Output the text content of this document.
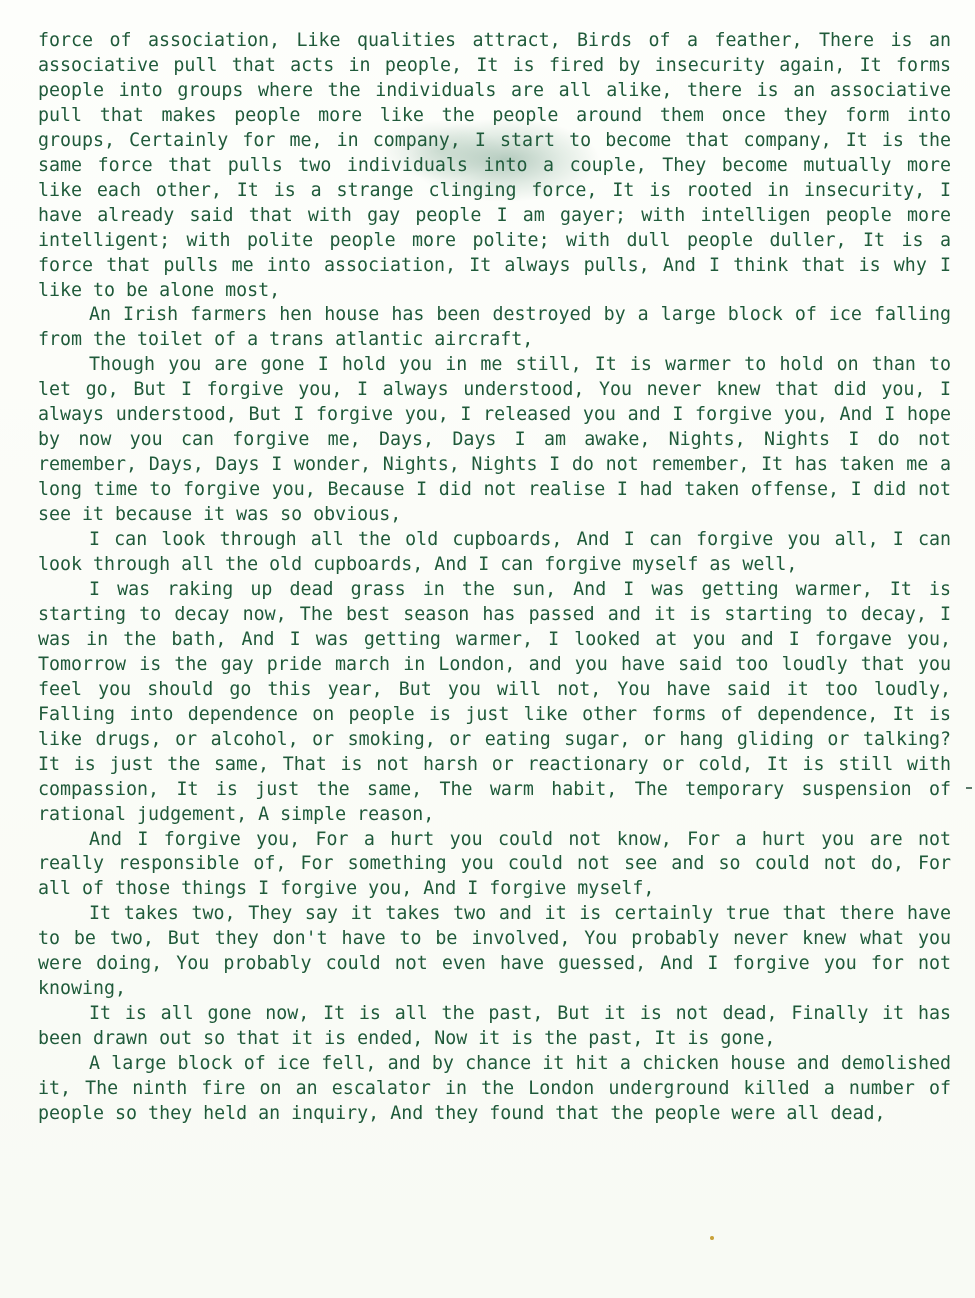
force of association, Like qualities attract, Birds of a feather, There is an associative pull that acts in people, It is fired by insecurity again, It forms people into groups where the individuals are all alike, there is an associative pull that makes people more like the people around them once they form into groups, Certainly for me, in company, I start to become that company, It is the same force that pulls two individuals into a couple, They become mutually more like each other, It is a strange clinging force, It is rooted in insecurity, I have already said that with gay people I am gayer; with intelligen people more intelligent; with polite people more polite; with dull people duller, It is a force that pulls me into association, It always pulls, And I think that is why I like to be alone most,

An Irish farmers hen house has been destroyed by a large block of ice falling from the toilet of a trans atlantic aircraft,

Though you are gone I hold you in me still, It is warmer to hold on than to let go, But I forgive you, I always understood, You never knew that did you, I always understood, But I forgive you, I released you and I forgive you, And I hope by now you can forgive me, Days, Days I am awake, Nights, Nights I do not remember, Days, Days I wonder, Nights, Nights I do not remember, It has taken me a long time to forgive you, Because I did not realise I had taken offense, I did not see it because it was so obvious,

I can look through all the old cupboards, And I can forgive you all, I can look through all the old cupboards, And I can forgive myself as well,

I was raking up dead grass in the sun, And I was getting warmer, It is starting to decay now, The best season has passed and it is starting to decay, I was in the bath, And I was getting warmer, I looked at you and I forgave you, Tomorrow is the gay pride march in London, and you have said too loudly that you feel you should go this year, But you will not, You have said it too loudly, Falling into dependence on people is just like other forms of dependence, It is like drugs, or alcohol, or smoking, or eating sugar, or hang gliding or talking? It is just the same, That is not harsh or reactionary or cold, It is still with compassion, It is just the same, The warm habit, The temporary suspension of rational judgement, A simple reason,

And I forgive you, For a hurt you could not know, For a hurt you are not really responsible of, For something you could not see and so could not do, For all of those things I forgive you, And I forgive myself,

It takes two, They say it takes two and it is certainly true that there have to be two, But they don't have to be involved, You probably never knew what you were doing, You probably could not even have guessed, And I forgive you for not knowing,

It is all gone now, It is all the past, But it is not dead, Finally it has been drawn out so that it is ended, Now it is the past, It is gone,

A large block of ice fell, and by chance it hit a chicken house and demolished it, The ninth fire on an escalator in the London underground killed a number of people so they held an inquiry, And they found that the people were all dead,
